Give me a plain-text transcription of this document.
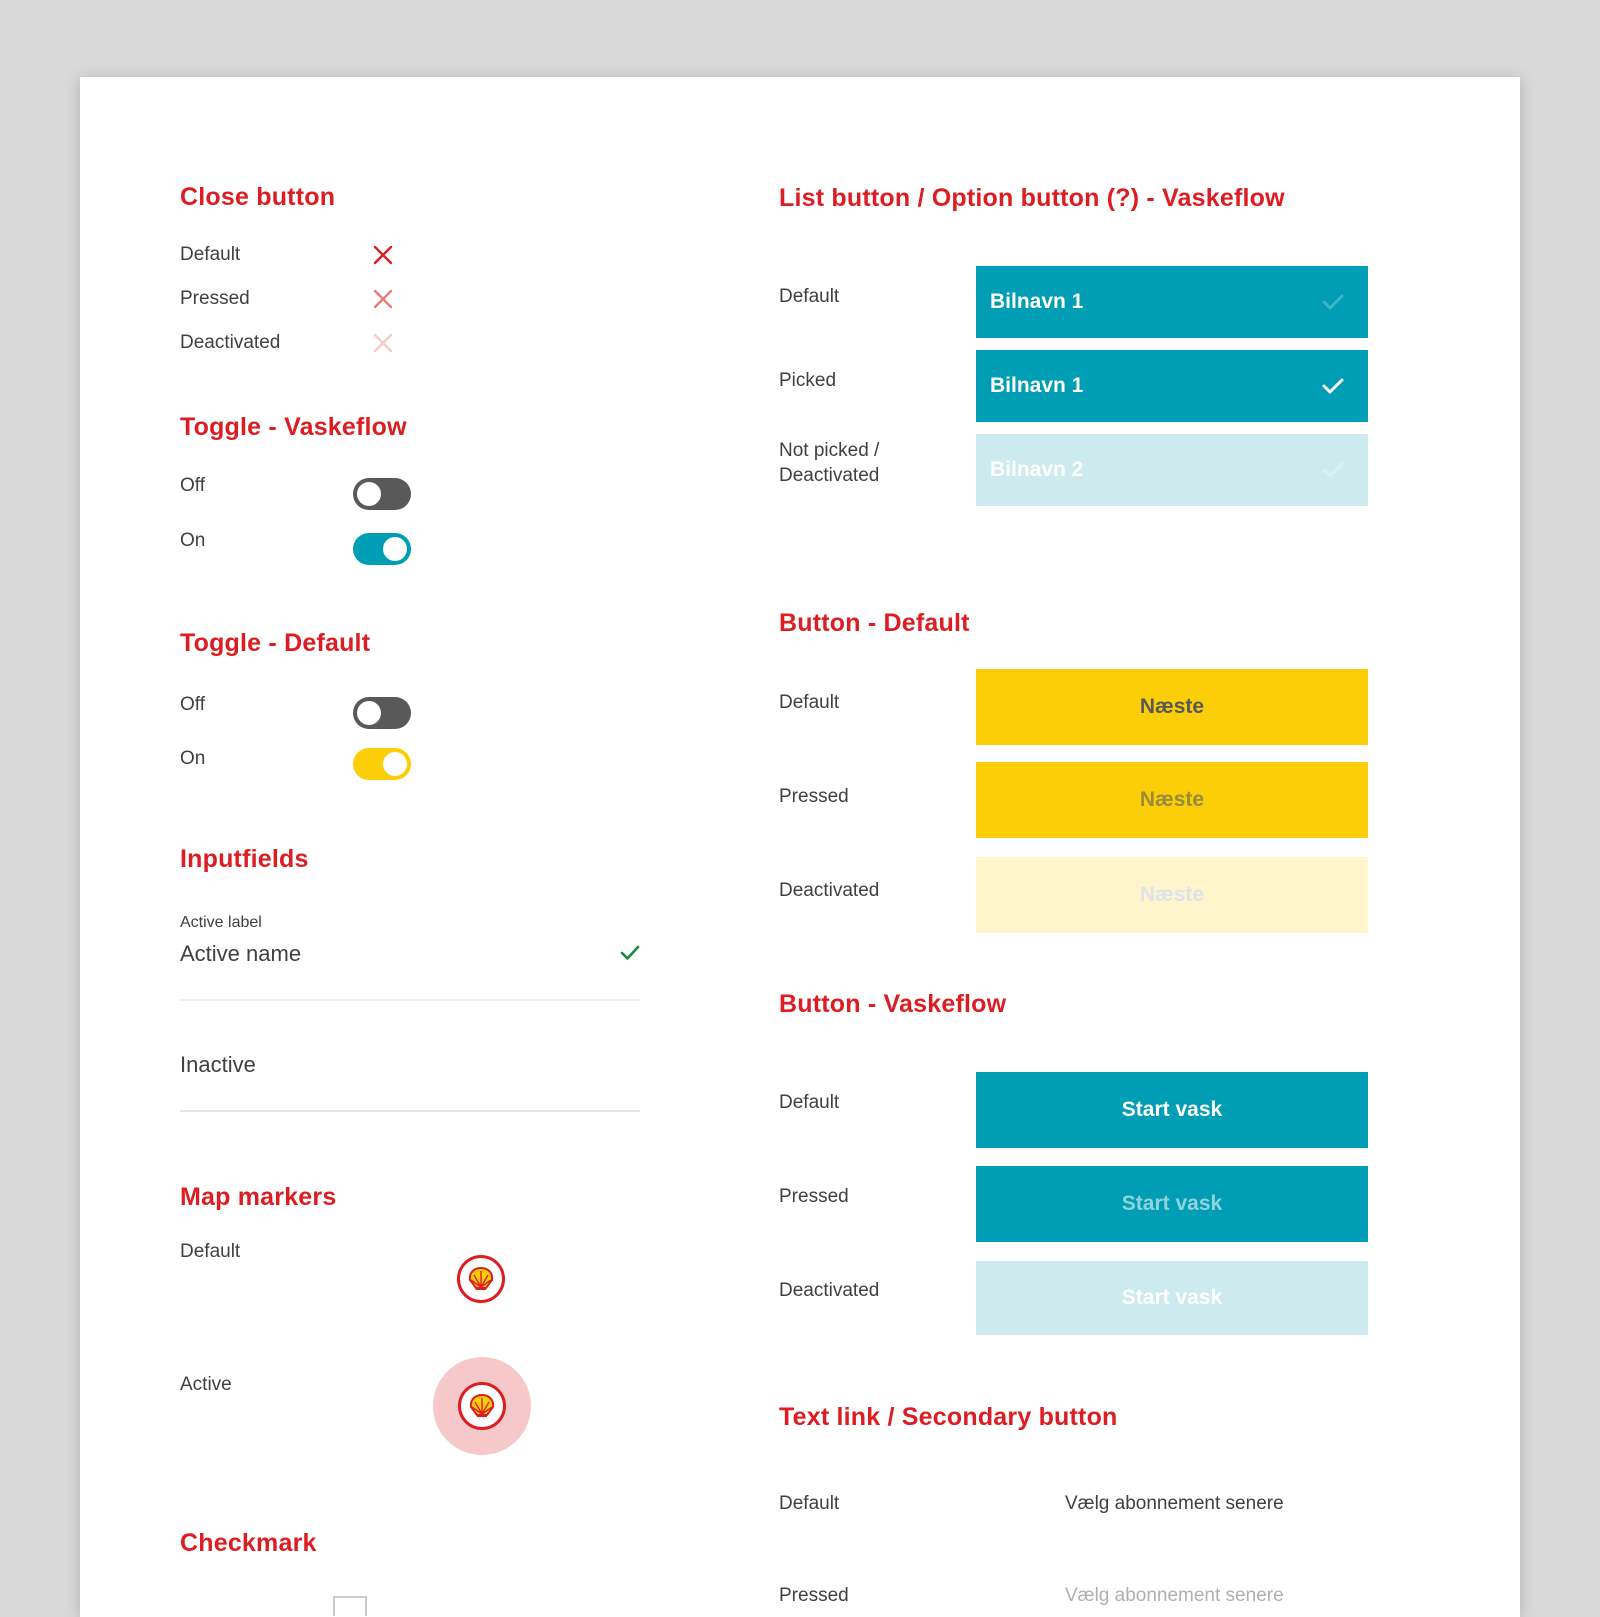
Close button
Default
Pressed
Deactivated
Toggle - Vaskeflow
Off
On
Toggle - Default
Off
On
Inputfields
Active label
Active name
Inactive
Map markers
Default
Active
Checkmark
List button / Option button (?) - Vaskeflow
Default	Bilnavn 1
Picked	Bilnavn 1
Not picked /
Deactivated	Bilnavn 2
Button - Default
Default	Næste
Pressed	Næste
Deactivated	Næste
Button - Vaskeflow
Default	Start vask
Pressed	Start vask
Deactivated	Start vask
Text link / Secondary button
Default	Vælg abonnement senere
Pressed	Vælg abonnement senere
